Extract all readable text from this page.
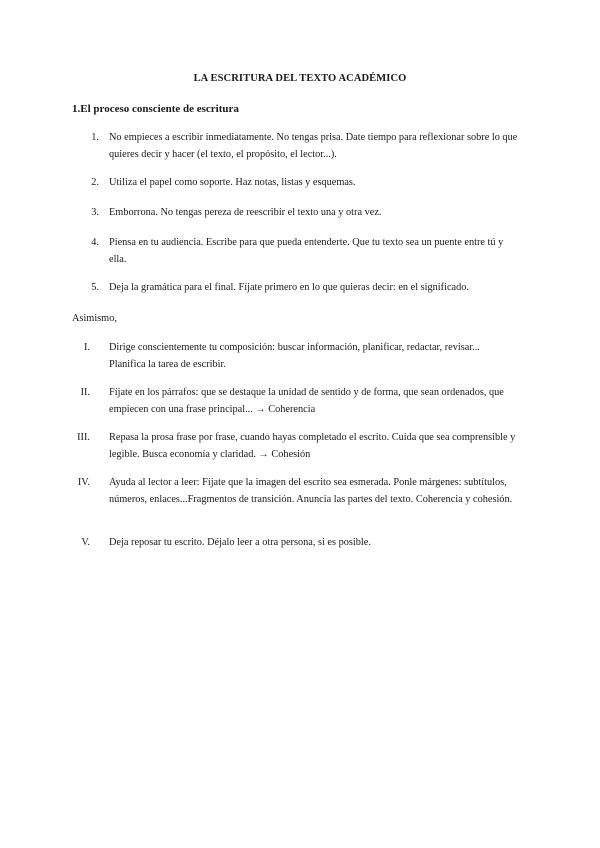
LA ESCRITURA DEL TEXTO ACADÉMICO
1.El proceso consciente de escritura
1. No empieces a escribir inmediatamente. No tengas prisa. Date tiempo para reflexionar sobre lo que quieres decir y hacer (el texto, el propósito, el lector...).
2. Utiliza el papel como soporte. Haz notas, listas y esquemas.
3. Emborrona. No tengas pereza de reescribir el texto una y otra vez.
4. Piensa en tu audiencia. Escribe para que pueda entenderte. Que tu texto sea un puente entre tú y ella.
5. Deja la gramática para el final. Fíjate primero en lo que quieras decir: en el significado.
Asimismo,
I. Dirige conscientemente tu composición: buscar información, planificar, redactar, revisar... Planifica la tarea de escribir.
II. Fíjate en los párrafos: que se destaque la unidad de sentido y de forma, que sean ordenados, que empiecen con una frase principal... → Coherencia
III. Repasa la prosa frase por frase, cuando hayas completado el escrito. Cuida que sea comprensible y legible. Busca economía y claridad. → Cohesión
IV. Ayuda al lector a leer: Fíjate que la imagen del escrito sea esmerada. Ponle márgenes: subtítulos, números, enlaces...Fragmentos de transición. Anuncia las partes del texto. Coherencia y cohesión.
V. Deja reposar tu escrito. Déjalo leer a otra persona, si es posible.
